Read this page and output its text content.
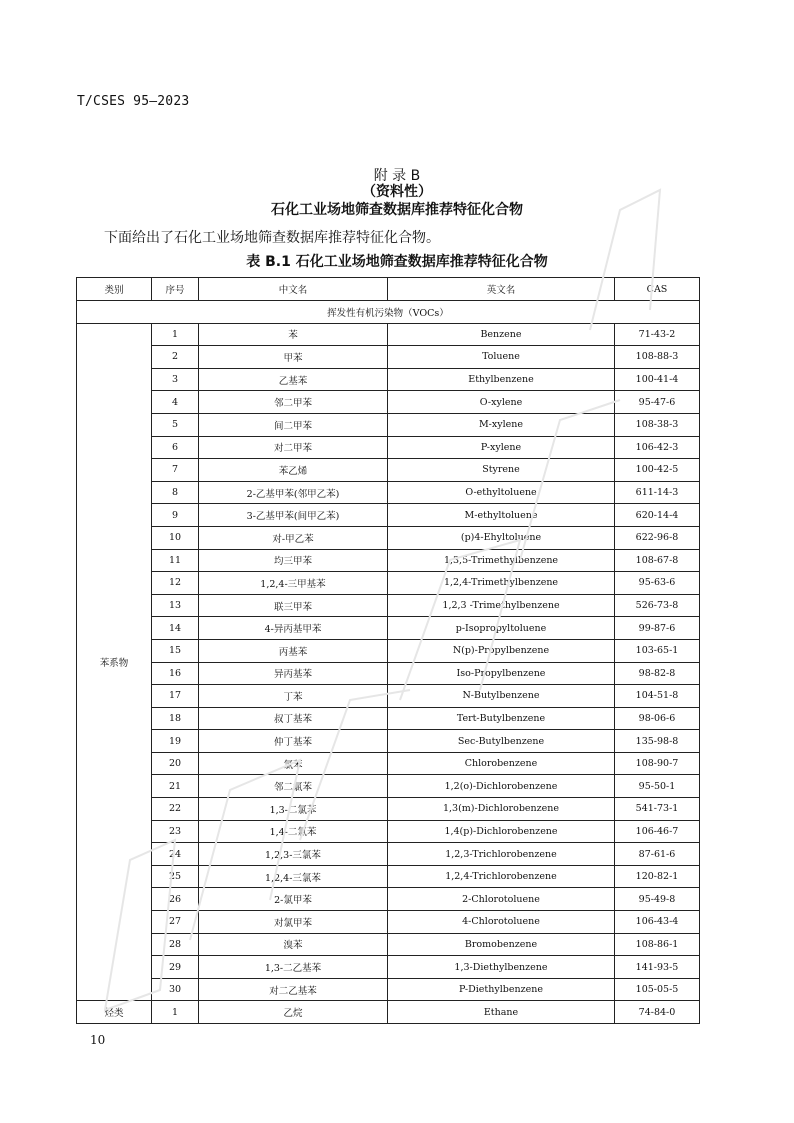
T/CSES 95—2023
附 录 B
（资料性）
石化工业场地筛查数据库推荐特征化合物
下面给出了石化工业场地筛查数据库推荐特征化合物。
表 B.1 石化工业场地筛查数据库推荐特征化合物
类别	序号	中文名	英文名	CAS
挥发性有机污染物（VOCs）				
苯系物	1	苯	Benzene	71-43-2
	2	甲苯	Toluene	108-88-3
	3	乙基苯	Ethylbenzene	100-41-4
	4	邻二甲苯	O-xylene	95-47-6
	5	间二甲苯	M-xylene	108-38-3
	6	对二甲苯	P-xylene	106-42-3
	7	苯乙烯	Styrene	100-42-5
	8	2-乙基甲苯(邻甲乙苯)	O-ethyltoluene	611-14-3
	9	3-乙基甲苯(间甲乙苯)	M-ethyltoluene	620-14-4
	10	对-甲乙苯	(p)4-Ehyltoluene	622-96-8
	11	均三甲苯	1,3,5-Trimethylbenzene	108-67-8
	12	1,2,4-三甲基苯	1,2,4-Trimethylbenzene	95-63-6
	13	联三甲苯	1,2,3 -Trimethylbenzene	526-73-8
	14	4-异丙基甲苯	p-Isopropyltoluene	99-87-6
	15	丙基苯	N(p)-Propylbenzene	103-65-1
	16	异丙基苯	Iso-Propylbenzene	98-82-8
	17	丁苯	N-Butylbenzene	104-51-8
	18	叔丁基苯	Tert-Butylbenzene	98-06-6
	19	仲丁基苯	Sec-Butylbenzene	135-98-8
	20	氯苯	Chlorobenzene	108-90-7
	21	邻二氯苯	1,2(o)-Dichlorobenzene	95-50-1
	22	1,3-二氯苯	1,3(m)-Dichlorobenzene	541-73-1
	23	1,4-二氯苯	1,4(p)-Dichlorobenzene	106-46-7
	24	1,2,3-三氯苯	1,2,3-Trichlorobenzene	87-61-6
	25	1,2,4-三氯苯	1,2,4-Trichlorobenzene	120-82-1
	26	2-氯甲苯	2-Chlorotoluene	95-49-8
	27	对氯甲苯	4-Chlorotoluene	106-43-4
	28	溴苯	Bromobenzene	108-86-1
	29	1,3-二乙基苯	1,3-Diethylbenzene	141-93-5
	30	对二乙基苯	P-Diethylbenzene	105-05-5
烃类	1	乙烷	Ethane	74-84-0
10
